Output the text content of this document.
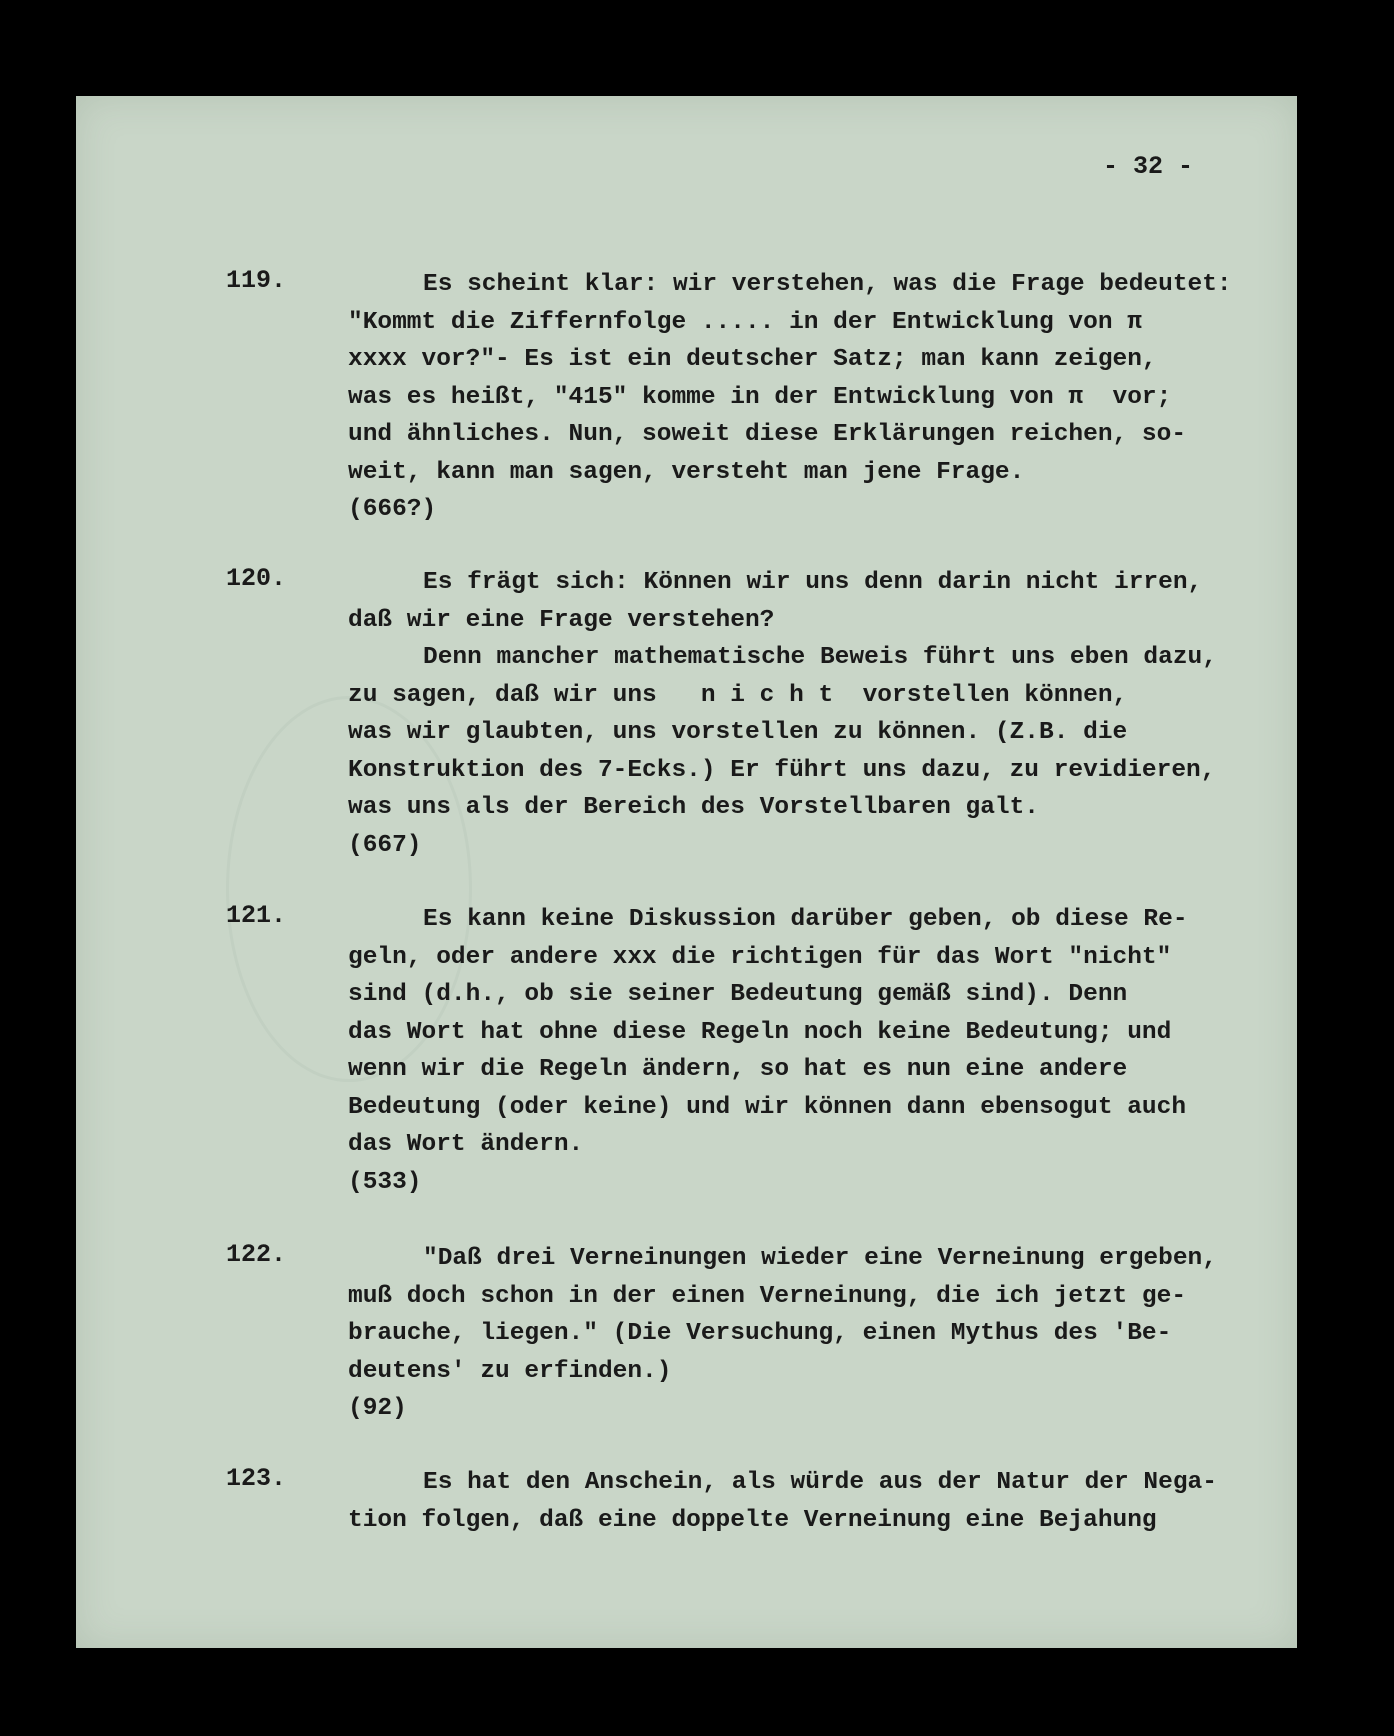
- 32 -
119.	Es scheint klar: wir verstehen, was die Frage bedeutet:
"Kommt die Ziffernfolge ..... in der Entwicklung von π
xxxx vor?"- Es ist ein deutscher Satz; man kann zeigen,
was es heißt, "415" komme in der Entwicklung von π  vor;
und ähnliches. Nun, soweit diese Erklärungen reichen, so-
weit, kann man sagen, versteht man jene Frage.
(666?)
120.	Es frägt sich: Können wir uns denn darin nicht irren,
daß wir eine Frage verstehen?
Denn mancher mathematische Beweis führt uns eben dazu,
zu sagen, daß wir uns   n i c h t  vorstellen können,
was wir glaubten, uns vorstellen zu können. (Z.B. die
Konstruktion des 7-Ecks.) Er führt uns dazu, zu revidieren,
was uns als der Bereich des Vorstellbaren galt.
(667)
121.	Es kann keine Diskussion darüber geben, ob diese Re-
geln, oder andere xxx die richtigen für das Wort "nicht"
sind (d.h., ob sie seiner Bedeutung gemäß sind). Denn
das Wort hat ohne diese Regeln noch keine Bedeutung; und
wenn wir die Regeln ändern, so hat es nun eine andere
Bedeutung (oder keine) und wir können dann ebensogut auch
das Wort ändern.
(533)
122.	"Daß drei Verneinungen wieder eine Verneinung ergeben,
muß doch schon in der einen Verneinung, die ich jetzt ge-
brauche, liegen." (Die Versuchung, einen Mythus des 'Be-
deutens' zu erfinden.)
(92)
123.	Es hat den Anschein, als würde aus der Natur der Nega-
tion folgen, daß eine doppelte Verneinung eine Bejahung
